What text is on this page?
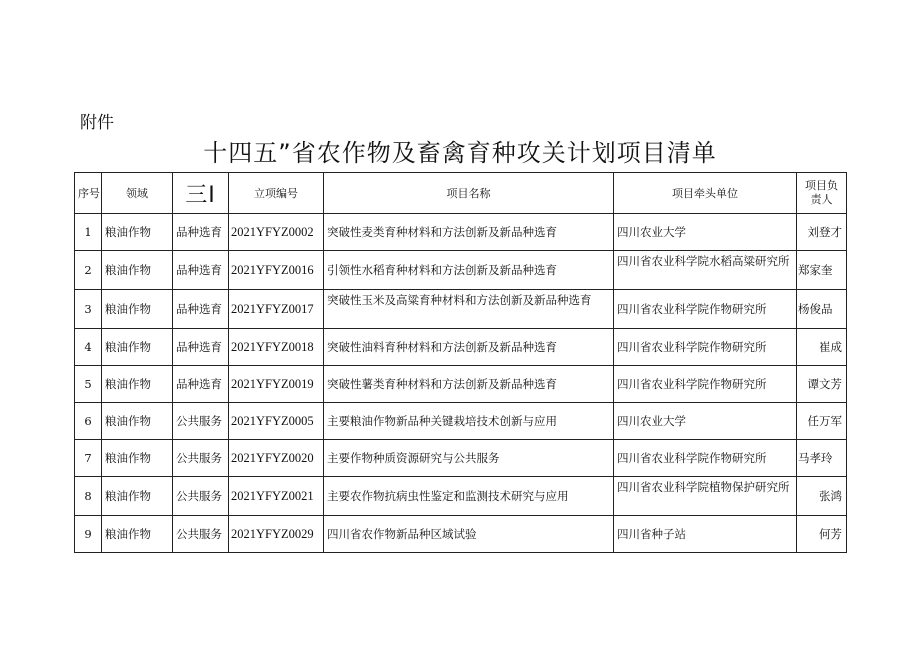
附件
十四五”省农作物及畜禽育种攻关计划项目清单
序号	领域	三I	立项编号	项目名称	项目牵头单位	项目负责人
1	粮油作物	品种选育	2021YFYZ0002	突破性麦类育种材料和方法创新及新品种选育	四川农业大学	刘登才
2	粮油作物	品种选育	2021YFYZ0016	引领性水稻育种材料和方法创新及新品种选育	四川省农业科学院水稻高粱研究所	郑家奎
3	粮油作物	品种选育	2021YFYZ0017	突破性玉米及高粱育种材料和方法创新及新品种选育	四川省农业科学院作物研究所	杨俊品
4	粮油作物	品种选育	2021YFYZ0018	突破性油料育种材料和方法创新及新品种选育	四川省农业科学院作物研究所	崔成
5	粮油作物	品种选育	2021YFYZ0019	突破性薯类育种材料和方法创新及新品种选育	四川省农业科学院作物研究所	谭文芳
6	粮油作物	公共服务	2021YFYZ0005	主要粮油作物新品种关键栽培技术创新与应用	四川农业大学	任万军
7	粮油作物	公共服务	2021YFYZ0020	主要作物种质资源研究与公共服务	四川省农业科学院作物研究所	马孝玲
8	粮油作物	公共服务	2021YFYZ0021	主要农作物抗病虫性鉴定和监测技术研究与应用	四川省农业科学院植物保护研究所	张鸿
9	粮油作物	公共服务	2021YFYZ0029	四川省农作物新品种区域试验	四川省种子站	何芳
